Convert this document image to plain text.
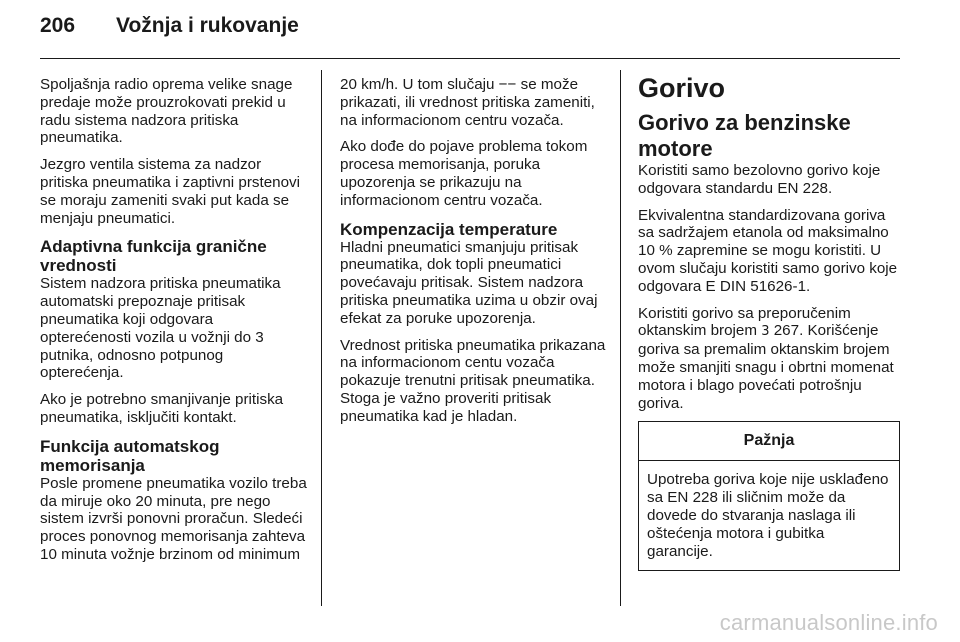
206	Vožnja i rukovanje

Spoljašnja radio oprema velike snage predaje može prouzrokovati prekid u radu sistema nadzora pritiska pneumatika.

Jezgro ventila sistema za nadzor pritiska pneumatika i zaptivni prstenovi se moraju zameniti svaki put kada se menjaju pneumatici.

Adaptivna funkcija granične vrednosti

Sistem nadzora pritiska pneumatika automatski prepoznaje pritisak pneumatika koji odgovara opterećenosti vozila u vožnji do 3 putnika, odnosno potpunog opterećenja.

Ako je potrebno smanjivanje pritiska pneumatika, isključiti kontakt.

Funkcija automatskog memorisanja

Posle promene pneumatika vozilo treba da miruje oko 20 minuta, pre nego sistem izvrši ponovni proračun. Sledeći proces ponovnog memorisanja zahteva 10 minuta vožnje brzinom od minimum

20 km/h. U tom slučaju −− se može prikazati, ili vrednost pritiska zameniti, na informacionom centru vozača.

Ako dođe do pojave problema tokom procesa memorisanja, poruka upozorenja se prikazuju na informacionom centru vozača.

Kompenzacija temperature

Hladni pneumatici smanjuju pritisak pneumatika, dok topli pneumatici povećavaju pritisak. Sistem nadzora pritiska pneumatika uzima u obzir ovaj efekat za poruke upozorenja.

Vrednost pritiska pneumatika prikazana na informacionom centu vozača pokazuje trenutni pritisak pneumatika. Stoga je važno proveriti pritisak pneumatika kad je hladan.

Gorivo
Gorivo za benzinske motore

Koristiti samo bezolovno gorivo koje odgovara standardu EN 228.

Ekvivalentna standardizovana goriva sa sadržajem etanola od maksimalno 10 % zapremine se mogu koristiti. U ovom slučaju koristiti samo gorivo koje odgovara E DIN 51626-1.

Koristiti gorivo sa preporučenim oktanskim brojem 3 267. Korišćenje goriva sa premalim oktanskim brojem može smanjiti snagu i obrtni momenat motora i blago povećati potrošnju goriva.

Pažnja
Upotreba goriva koje nije usklađeno sa EN 228 ili sličnim može da dovede do stvaranja naslaga ili oštećenja motora i gubitka garancije.
carmanualsonline.info
